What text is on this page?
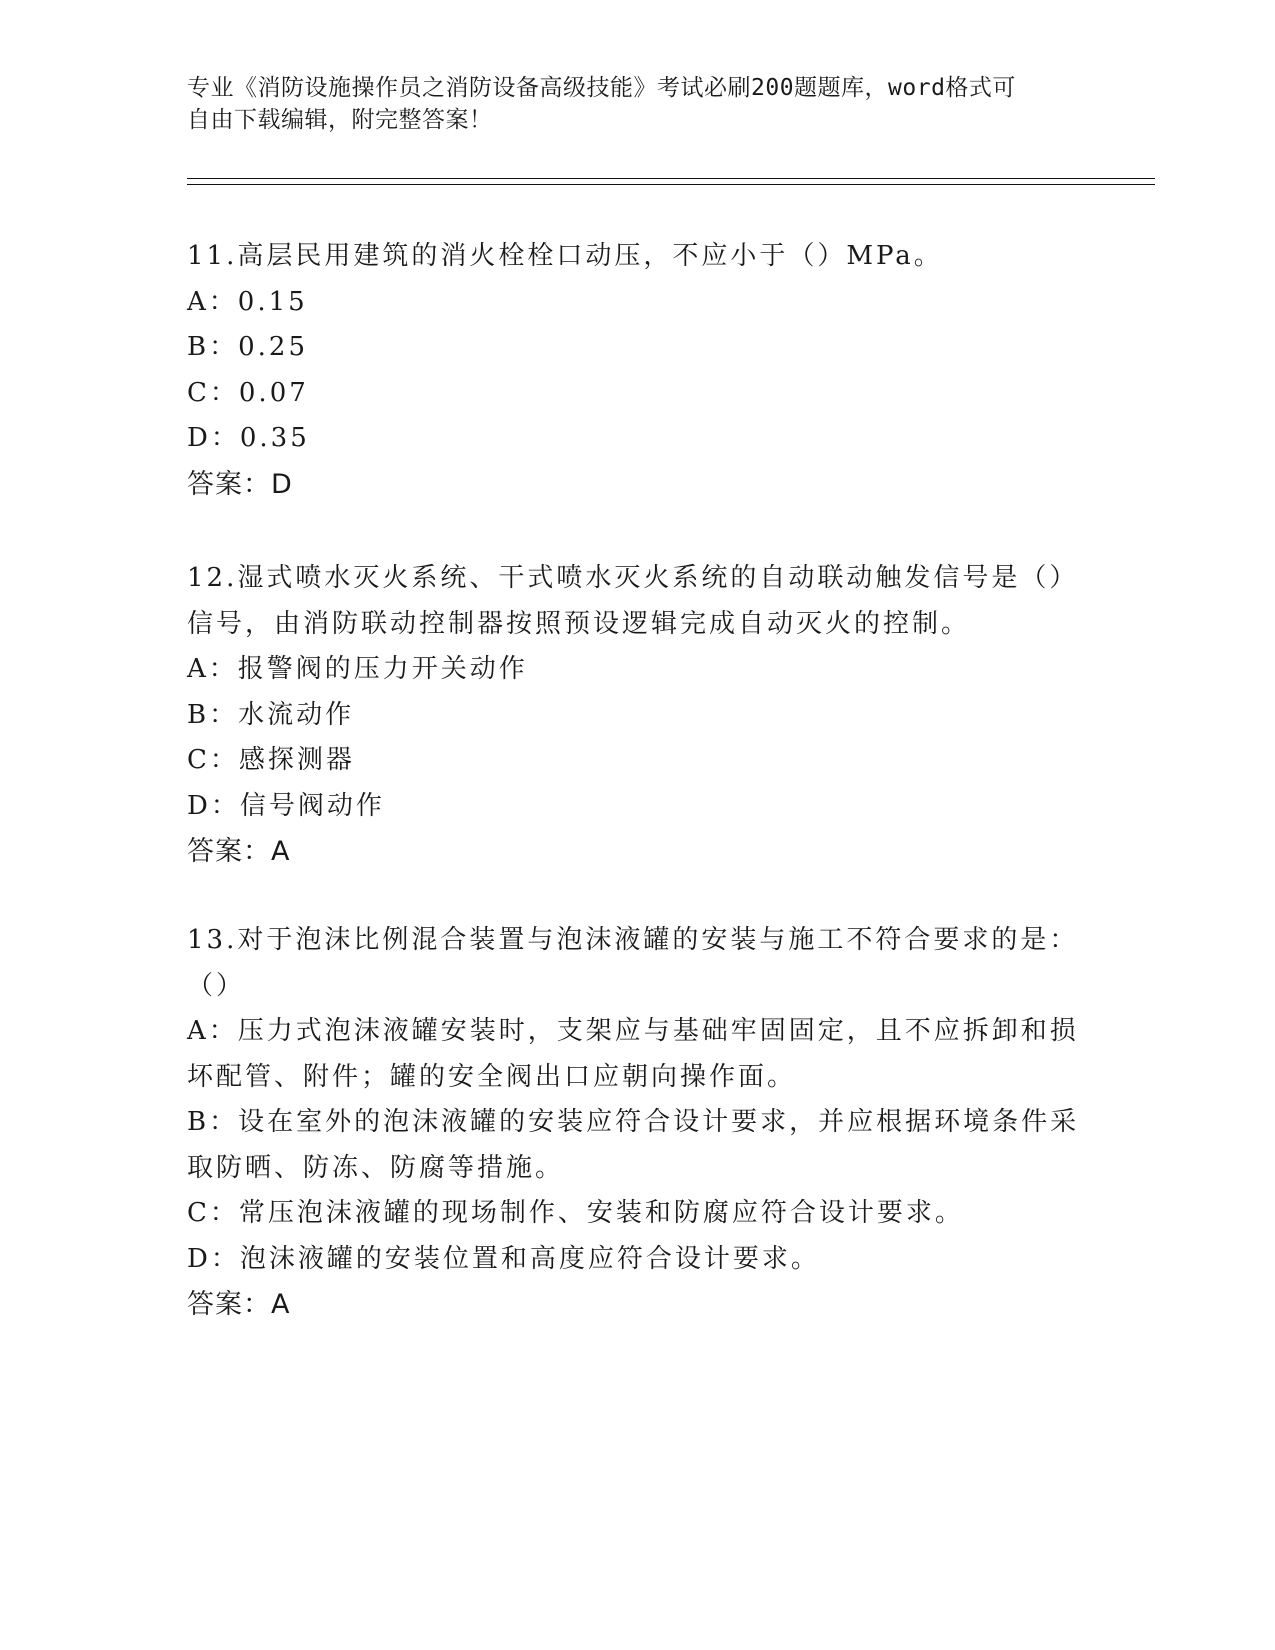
专业《消防设施操作员之消防设备高级技能》考试必刷200题题库，word格式可
自由下载编辑，附完整答案！
11.高层民用建筑的消火栓栓口动压，不应小于（）MPa。
A：0.15
B：0.25
C：0.07
D：0.35
答案：D
12.湿式喷水灭火系统、干式喷水灭火系统的自动联动触发信号是（）
信号，由消防联动控制器按照预设逻辑完成自动灭火的控制。
A：报警阀的压力开关动作
B：水流动作
C：感探测器
D：信号阀动作
答案：A
13.对于泡沫比例混合装置与泡沫液罐的安装与施工不符合要求的是：
（）
A：压力式泡沫液罐安装时，支架应与基础牢固固定，且不应拆卸和损
坏配管、附件；罐的安全阀出口应朝向操作面。
B：设在室外的泡沫液罐的安装应符合设计要求，并应根据环境条件采
取防晒、防冻、防腐等措施。
C：常压泡沫液罐的现场制作、安装和防腐应符合设计要求。
D：泡沫液罐的安装位置和高度应符合设计要求。
答案：A
